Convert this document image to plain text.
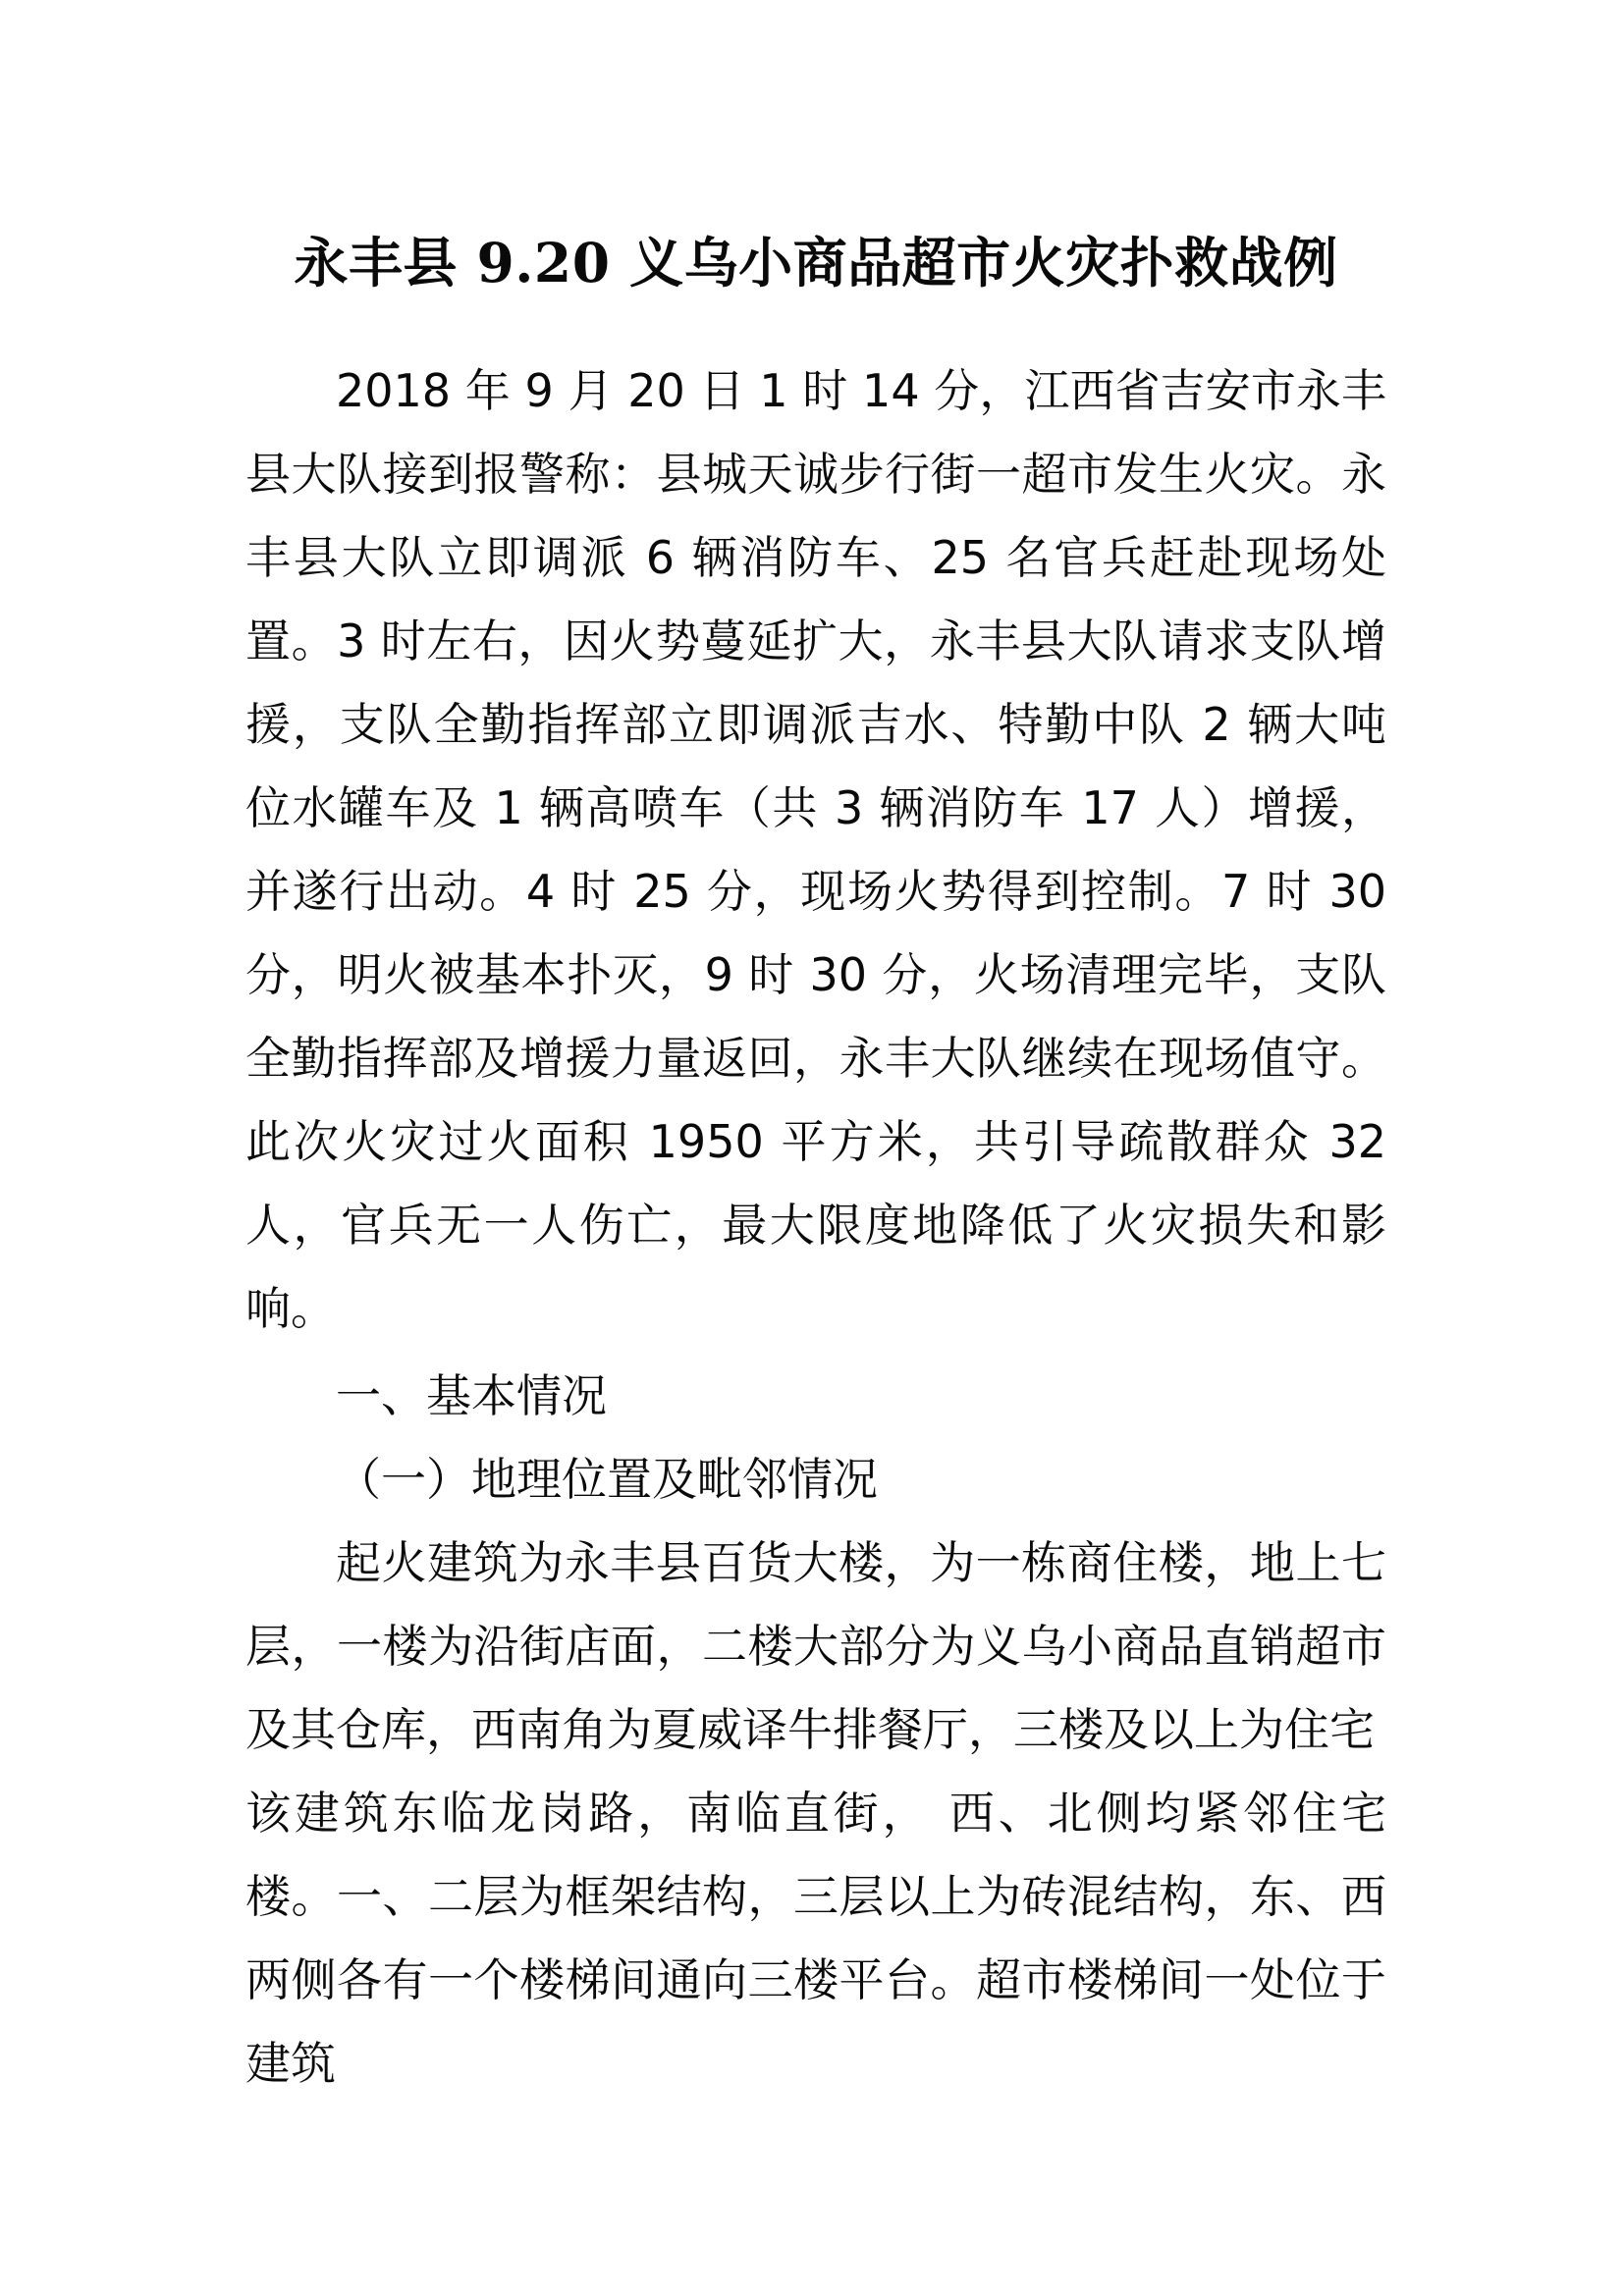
永丰县 9.20 义乌小商品超市火灾扑救战例

2018 年 9 月 20 日 1 时 14 分，江西省吉安市永丰县大队接到报警称：县城天诚步行街一超市发生火灾。永丰县大队立即调派 6 辆消防车、25 名官兵赶赴现场处置。3 时左右，因火势蔓延扩大，永丰县大队请求支队增援，支队全勤指挥部立即调派吉水、特勤中队 2 辆大吨位水罐车及 1 辆高喷车（共 3 辆消防车 17 人）增援，并遂行出动。4 时 25 分，现场火势得到控制。7 时 30 分，明火被基本扑灭，9 时 30 分，火场清理完毕，支队全勤指挥部及增援力量返回，永丰大队继续在现场值守。此次火灾过火面积 1950 平方米，共引导疏散群众 32 人，官兵无一人伤亡，最大限度地降低了火灾损失和影响。

一、基本情况

（一）地理位置及毗邻情况

起火建筑为永丰县百货大楼，为一栋商住楼，地上七层，一楼为沿街店面，二楼大部分为义乌小商品直销超市及其仓库，西南角为夏威译牛排餐厅，三楼及以上为住宅

该建筑东临龙岗路，南临直街， 西、北侧均紧邻住宅楼。一、二层为框架结构，三层以上为砖混结构，东、西两侧各有一个楼梯间通向三楼平台。超市楼梯间一处位于建筑
